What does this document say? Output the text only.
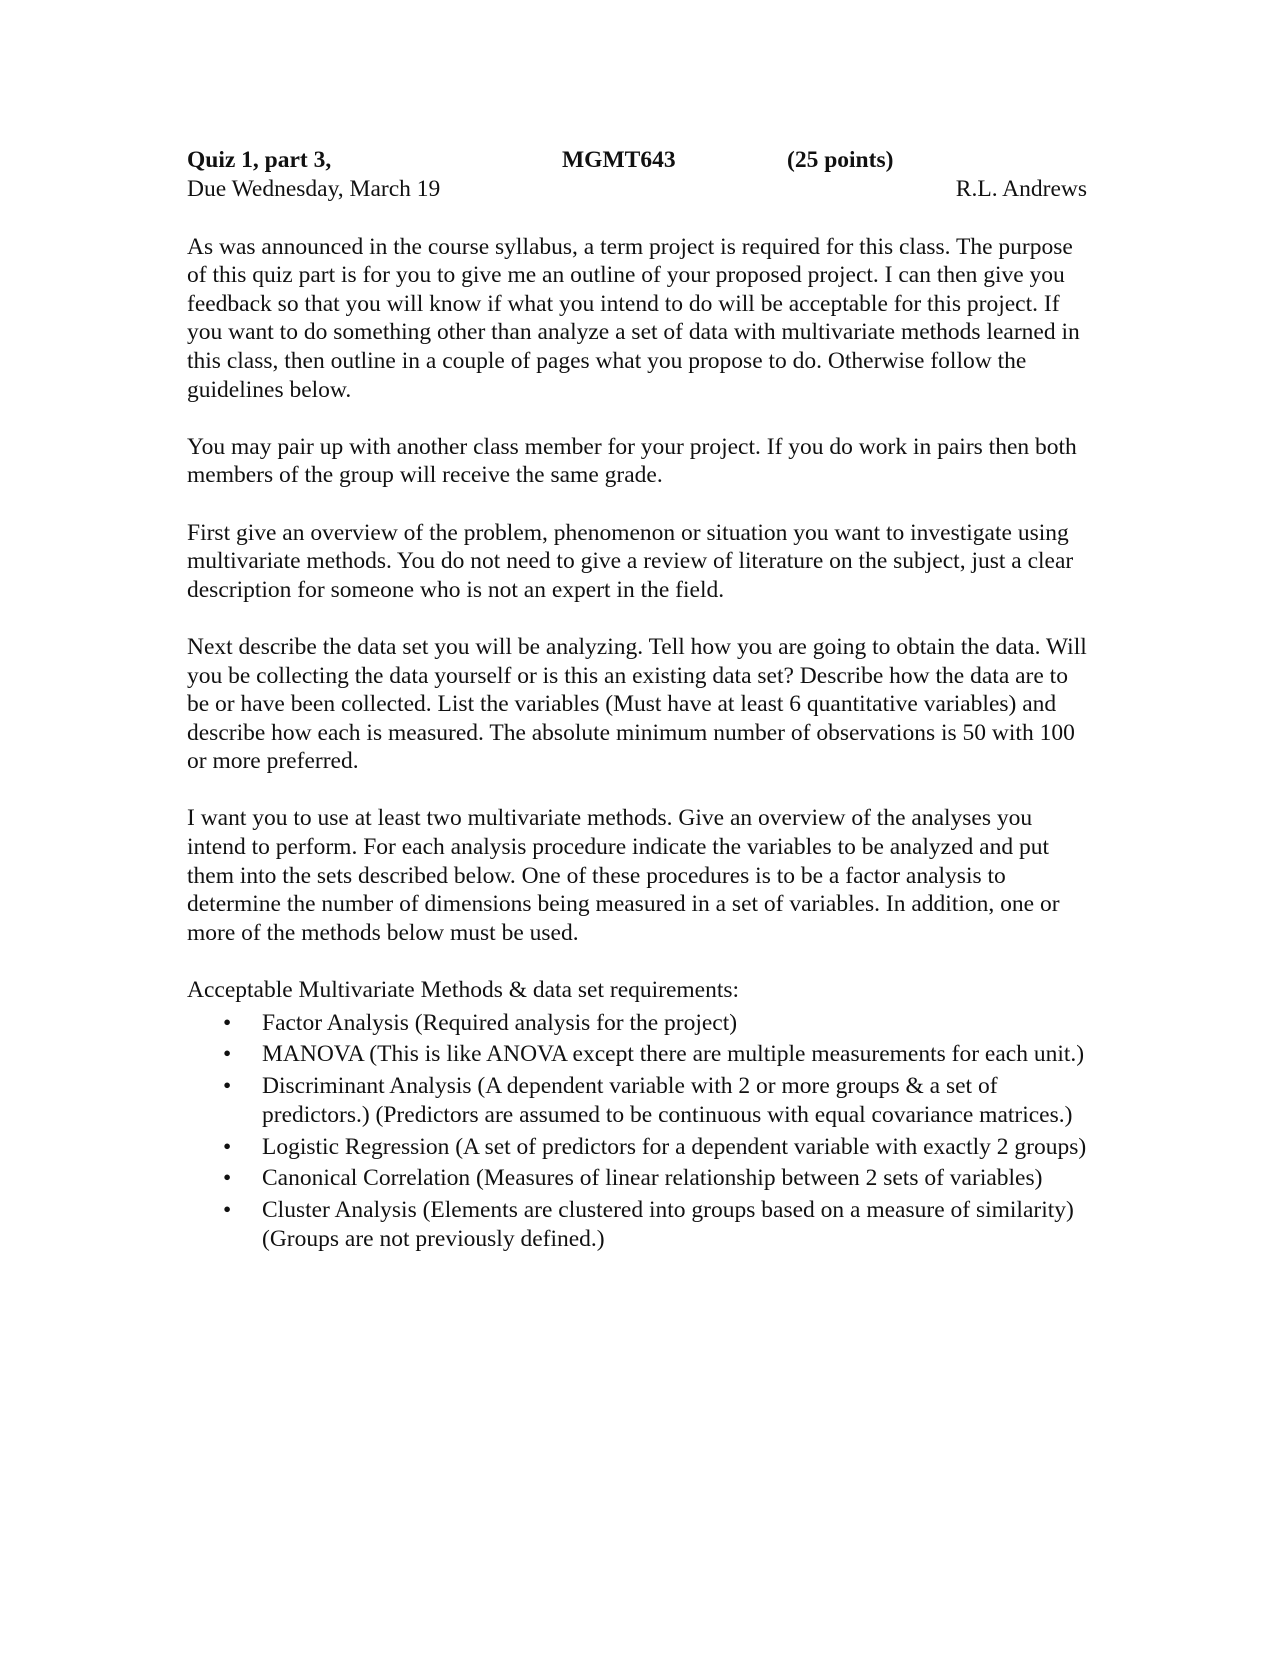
Quiz 1, part 3,	MGMT643	(25 points)
Due Wednesday, March 19	R.L. Andrews

As was announced in the course syllabus, a term project is required for this class. The purpose of this quiz part is for you to give me an outline of your proposed project. I can then give you feedback so that you will know if what you intend to do will be acceptable for this project. If you want to do something other than analyze a set of data with multivariate methods learned in this class, then outline in a couple of pages what you propose to do. Otherwise follow the guidelines below.

You may pair up with another class member for your project. If you do work in pairs then both members of the group will receive the same grade.

First give an overview of the problem, phenomenon or situation you want to investigate using multivariate methods. You do not need to give a review of literature on the subject, just a clear description for someone who is not an expert in the field.

Next describe the data set you will be analyzing. Tell how you are going to obtain the data. Will you be collecting the data yourself or is this an existing data set? Describe how the data are to be or have been collected. List the variables (Must have at least 6 quantitative variables) and describe how each is measured. The absolute minimum number of observations is 50 with 100 or more preferred.

I want you to use at least two multivariate methods. Give an overview of the analyses you intend to perform. For each analysis procedure indicate the variables to be analyzed and put them into the sets described below. One of these procedures is to be a factor analysis to determine the number of dimensions being measured in a set of variables. In addition, one or more of the methods below must be used.

Acceptable Multivariate Methods & data set requirements:

• Factor Analysis (Required analysis for the project)
• MANOVA (This is like ANOVA except there are multiple measurements for each unit.)
• Discriminant Analysis (A dependent variable with 2 or more groups & a set of predictors.) (Predictors are assumed to be continuous with equal covariance matrices.)
• Logistic Regression (A set of predictors for a dependent variable with exactly 2 groups)
• Canonical Correlation (Measures of linear relationship between 2 sets of variables)
• Cluster Analysis (Elements are clustered into groups based on a measure of similarity) (Groups are not previously defined.)
